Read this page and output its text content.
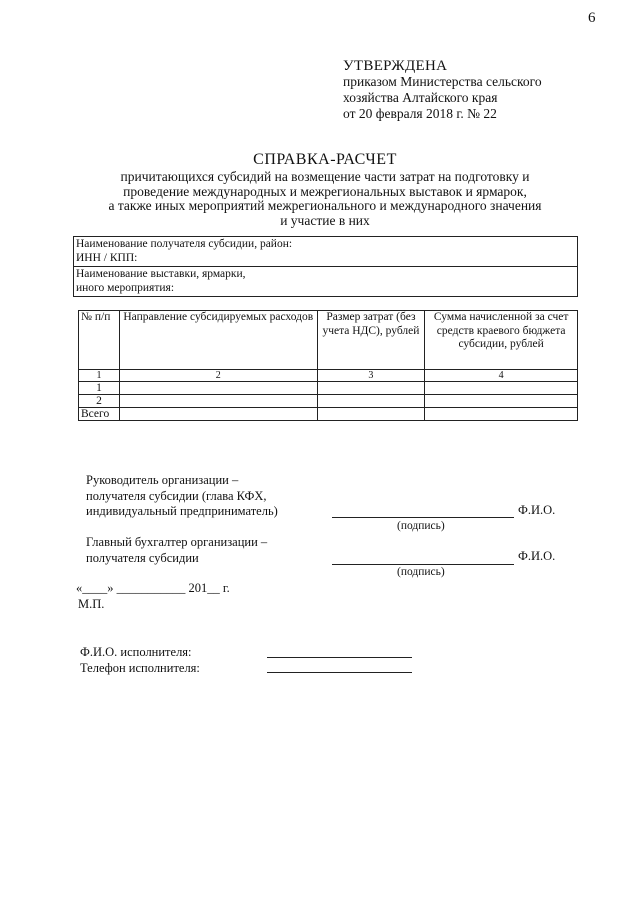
6
УТВЕРЖДЕНА
приказом Министерства сельского
хозяйства Алтайского края
от 20 февраля 2018 г. № 22
СПРАВКА-РАСЧЕТ
причитающихся субсидий на возмещение части затрат на подготовку и
проведение международных и межрегиональных выставок и ярмарок,
а также иных мероприятий межрегионального и международного значения
и участие в них
Наименование получателя субсидии, район:
ИНН / КПП:
Наименование выставки, ярмарки,
иного мероприятия:
№ п/п	Направление субсидируемых расходов	Размер затрат (без учета НДС), рублей	Сумма начисленной за счет средств краевого бюджета субсидии, рублей
1	2	3	4
1			
2			
Всего			
Руководитель организации –
получателя субсидии (глава КФХ,
индивидуальный предприниматель)	Ф.И.О.
(подпись)
Главный бухгалтер организации –
получателя субсидии	Ф.И.О.
(подпись)
«____» ___________ 201__ г.
М.П.
Ф.И.О. исполнителя:
Телефон исполнителя:
